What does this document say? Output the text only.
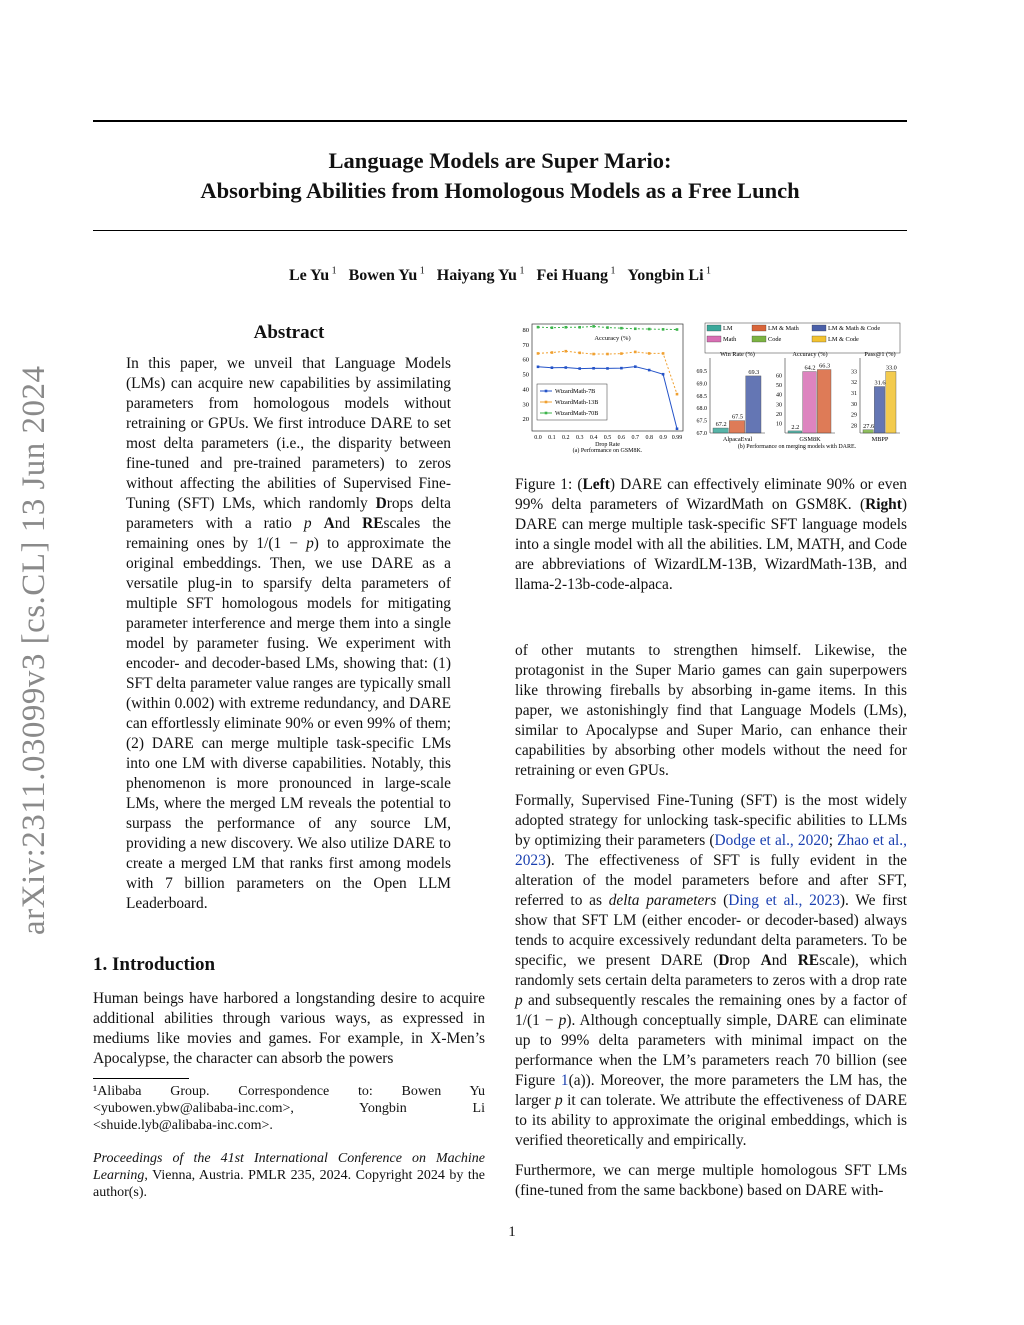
arXiv:2311.03099v3 [cs.CL] 13 Jun 2024
Language Models are Super Mario:
Absorbing Abilities from Homologous Models as a Free Lunch
Le Yu $^1$ Bowen Yu $^1$ Haiyang Yu $^1$ Fei Huang $^1$ Yongbin Li $^1$
Abstract
In this paper, we unveil that Language Models (LMs) can acquire new capabilities by assimilating parameters from homologous models without retraining or GPUs. We first introduce DARE to set most delta parameters (i.e., the disparity between fine-tuned and pre-trained parameters) to zeros without affecting the abilities of Supervised Fine-Tuning (SFT) LMs, which randomly Drops delta parameters with a ratio p And REscales the remaining ones by 1/(1 − p) to approximate the original embeddings. Then, we use DARE as a versatile plug-in to sparsify delta parameters of multiple SFT homologous models for mitigating parameter interference and merge them into a single model by parameter fusing. We experiment with encoder- and decoder-based LMs, showing that: (1) SFT delta parameter value ranges are typically small (within 0.002) with extreme redundancy, and DARE can effortlessly eliminate 90% or even 99% of them; (2) DARE can merge multiple task-specific LMs into one LM with diverse capabilities. Notably, this phenomenon is more pronounced in large-scale LMs, where the merged LM reveals the potential to surpass the performance of any source LM, providing a new discovery. We also utilize DARE to create a merged LM that ranks first among models with 7 billion parameters on the Open LLM Leaderboard.
1. Introduction
Human beings have harbored a longstanding desire to acquire additional abilities through various ways, as expressed in mediums like movies and games. For example, in X-Men’s Apocalypse, the character can absorb the powers
¹Alibaba Group. Correspondence to: Bowen Yu <yubowen.ybw@alibaba-inc.com>, Yongbin Li <shuide.lyb@alibaba-inc.com>.
Proceedings of the 41st International Conference on Machine Learning, Vienna, Austria. PMLR 235, 2024. Copyright 2024 by the author(s).
20
30
40
50
60
70
80
0.0 0.1 0.2 0.3 0.4 0.5 0.6 0.7 0.8 0.9 0.99
Drop Rate
(a) Performance on GSM8K.
Accuracy (%)
WizardMath-7B
WizardMath-13B
WizardMath-70B
LM	LM & Math	LM & Math & Code
Math	Code	LM & Code
67.0
67.5
68.0
68.5
69.0
69.5
Win Rate (%)
AlpacaEval
67.2
67.5
69.3
10
20
30
40
50
60
Accuracy (%)
GSM8K
2.2
64.2 66.3
28
29
30
31
32
33
Pass@1 (%)
MBPP
27.6
31.6
33.0
(b) Performance on merging models with DARE.
Figure 1: (Left) DARE can effectively eliminate 90% or even 99% delta parameters of WizardMath on GSM8K. (Right) DARE can merge multiple task-specific SFT language models into a single model with all the abilities. LM, MATH, and Code are abbreviations of WizardLM-13B, WizardMath-13B, and llama-2-13b-code-alpaca.
of other mutants to strengthen himself. Likewise, the protagonist in the Super Mario games can gain superpowers like throwing fireballs by absorbing in-game items. In this paper, we astonishingly find that Language Models (LMs), similar to Apocalypse and Super Mario, can enhance their capabilities by absorbing other models without the need for retraining or even GPUs.
Formally, Supervised Fine-Tuning (SFT) is the most widely adopted strategy for unlocking task-specific abilities to LLMs by optimizing their parameters (Dodge et al., 2020; Zhao et al., 2023). The effectiveness of SFT is fully evident in the alteration of the model parameters before and after SFT, referred to as delta parameters (Ding et al., 2023). We first show that SFT LM (either encoder- or decoder-based) always tends to acquire excessively redundant delta parameters. To be specific, we present DARE (Drop And REscale), which randomly sets certain delta parameters to zeros with a drop rate p and subsequently rescales the remaining ones by a factor of 1/(1 − p). Although conceptually simple, DARE can eliminate up to 99% delta parameters with minimal impact on the performance when the LM’s parameters reach 70 billion (see Figure 1(a)). Moreover, the more parameters the LM has, the larger p it can tolerate. We attribute the effectiveness of DARE to its ability to approximate the original embeddings, which is verified theoretically and empirically.
Furthermore, we can merge multiple homologous SFT LMs (fine-tuned from the same backbone) based on DARE with-
1
